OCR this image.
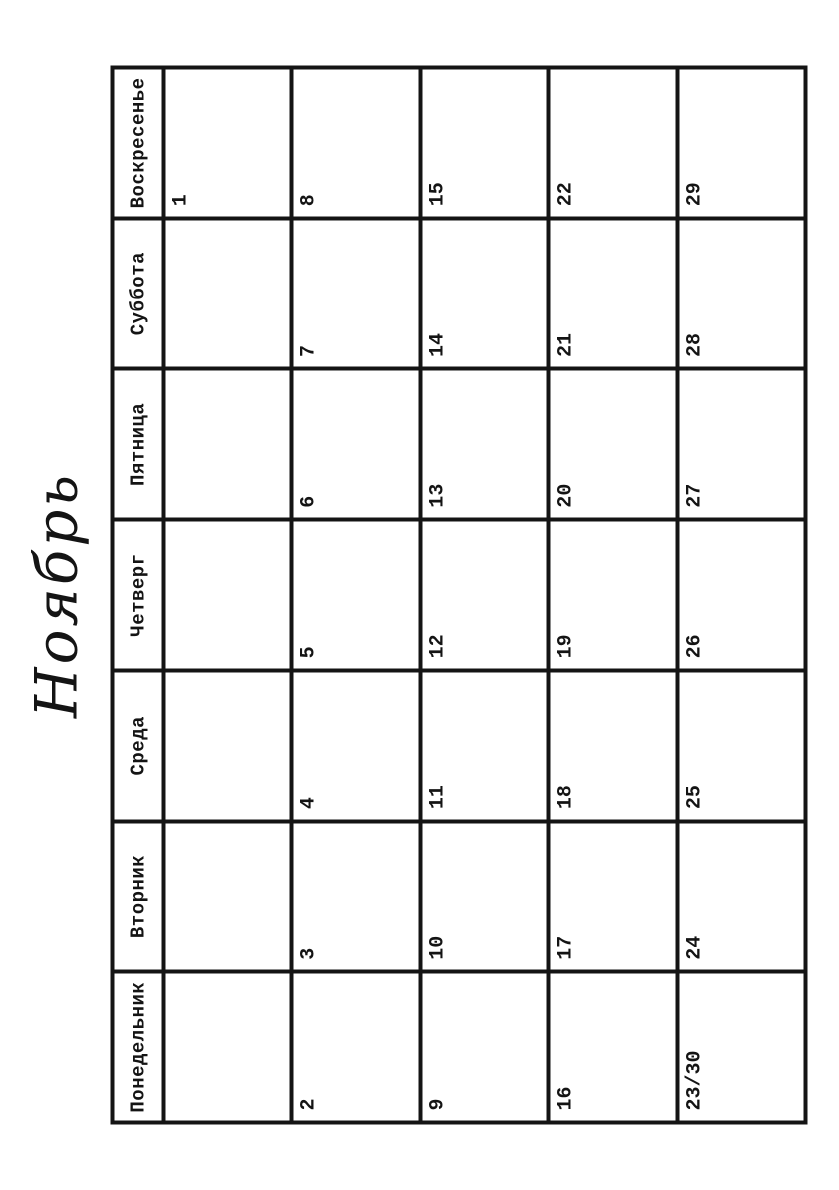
Ноябрь
Понедельник	Вторник	Среда	Четверг	Пятница	Суббота	Воскресенье

						1

2	3	4	5	6	7	8

9	10	11	12	13	14	15

16	17	18	19	20	21	22

23/30	24	25	26	27	28	29
